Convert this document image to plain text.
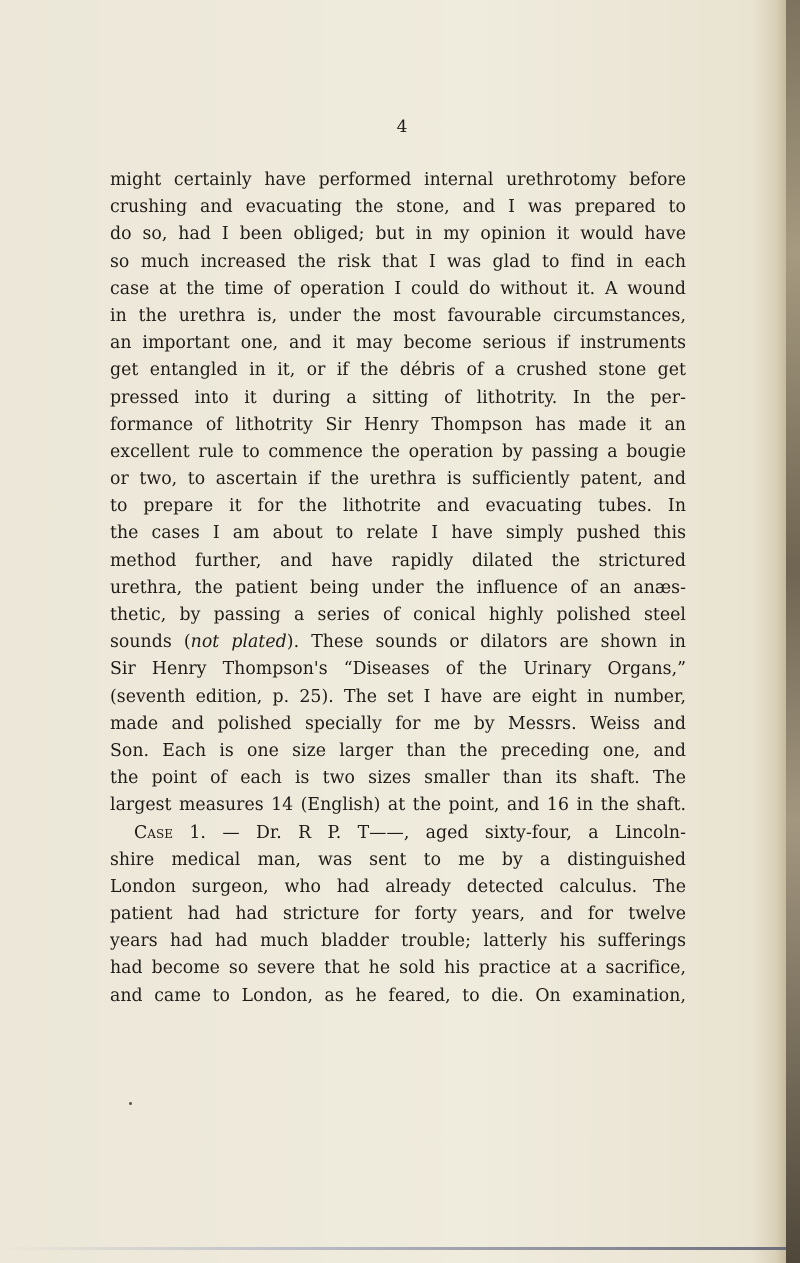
4
might certainly have performed internal urethrotomy before
crushing and evacuating the stone, and I was prepared to
do so, had I been obliged; but in my opinion it would have
so much increased the risk that I was glad to find in each
case at the time of operation I could do without it. A wound
in the urethra is, under the most favourable circumstances,
an important one, and it may become serious if instruments
get entangled in it, or if the débris of a crushed stone get
pressed into it during a sitting of lithotrity. In the per-
formance of lithotrity Sir Henry Thompson has made it an
excellent rule to commence the operation by passing a bougie
or two, to ascertain if the urethra is sufficiently patent, and
to prepare it for the lithotrite and evacuating tubes. In
the cases I am about to relate I have simply pushed this
method further, and have rapidly dilated the strictured
urethra, the patient being under the influence of an anæs-
thetic, by passing a series of conical highly polished steel
sounds (not plated). These sounds or dilators are shown in
Sir Henry Thompson's “Diseases of the Urinary Organs,”
(seventh edition, p. 25). The set I have are eight in number,
made and polished specially for me by Messrs. Weiss and
Son. Each is one size larger than the preceding one, and
the point of each is two sizes smaller than its shaft. The
largest measures 14 (English) at the point, and 16 in the shaft.
Case 1. — Dr. R P. T——, aged sixty-four, a Lincoln-
shire medical man, was sent to me by a distinguished
London surgeon, who had already detected calculus. The
patient had had stricture for forty years, and for twelve
years had had much bladder trouble; latterly his sufferings
had become so severe that he sold his practice at a sacrifice,
and came to London, as he feared, to die. On examination,
